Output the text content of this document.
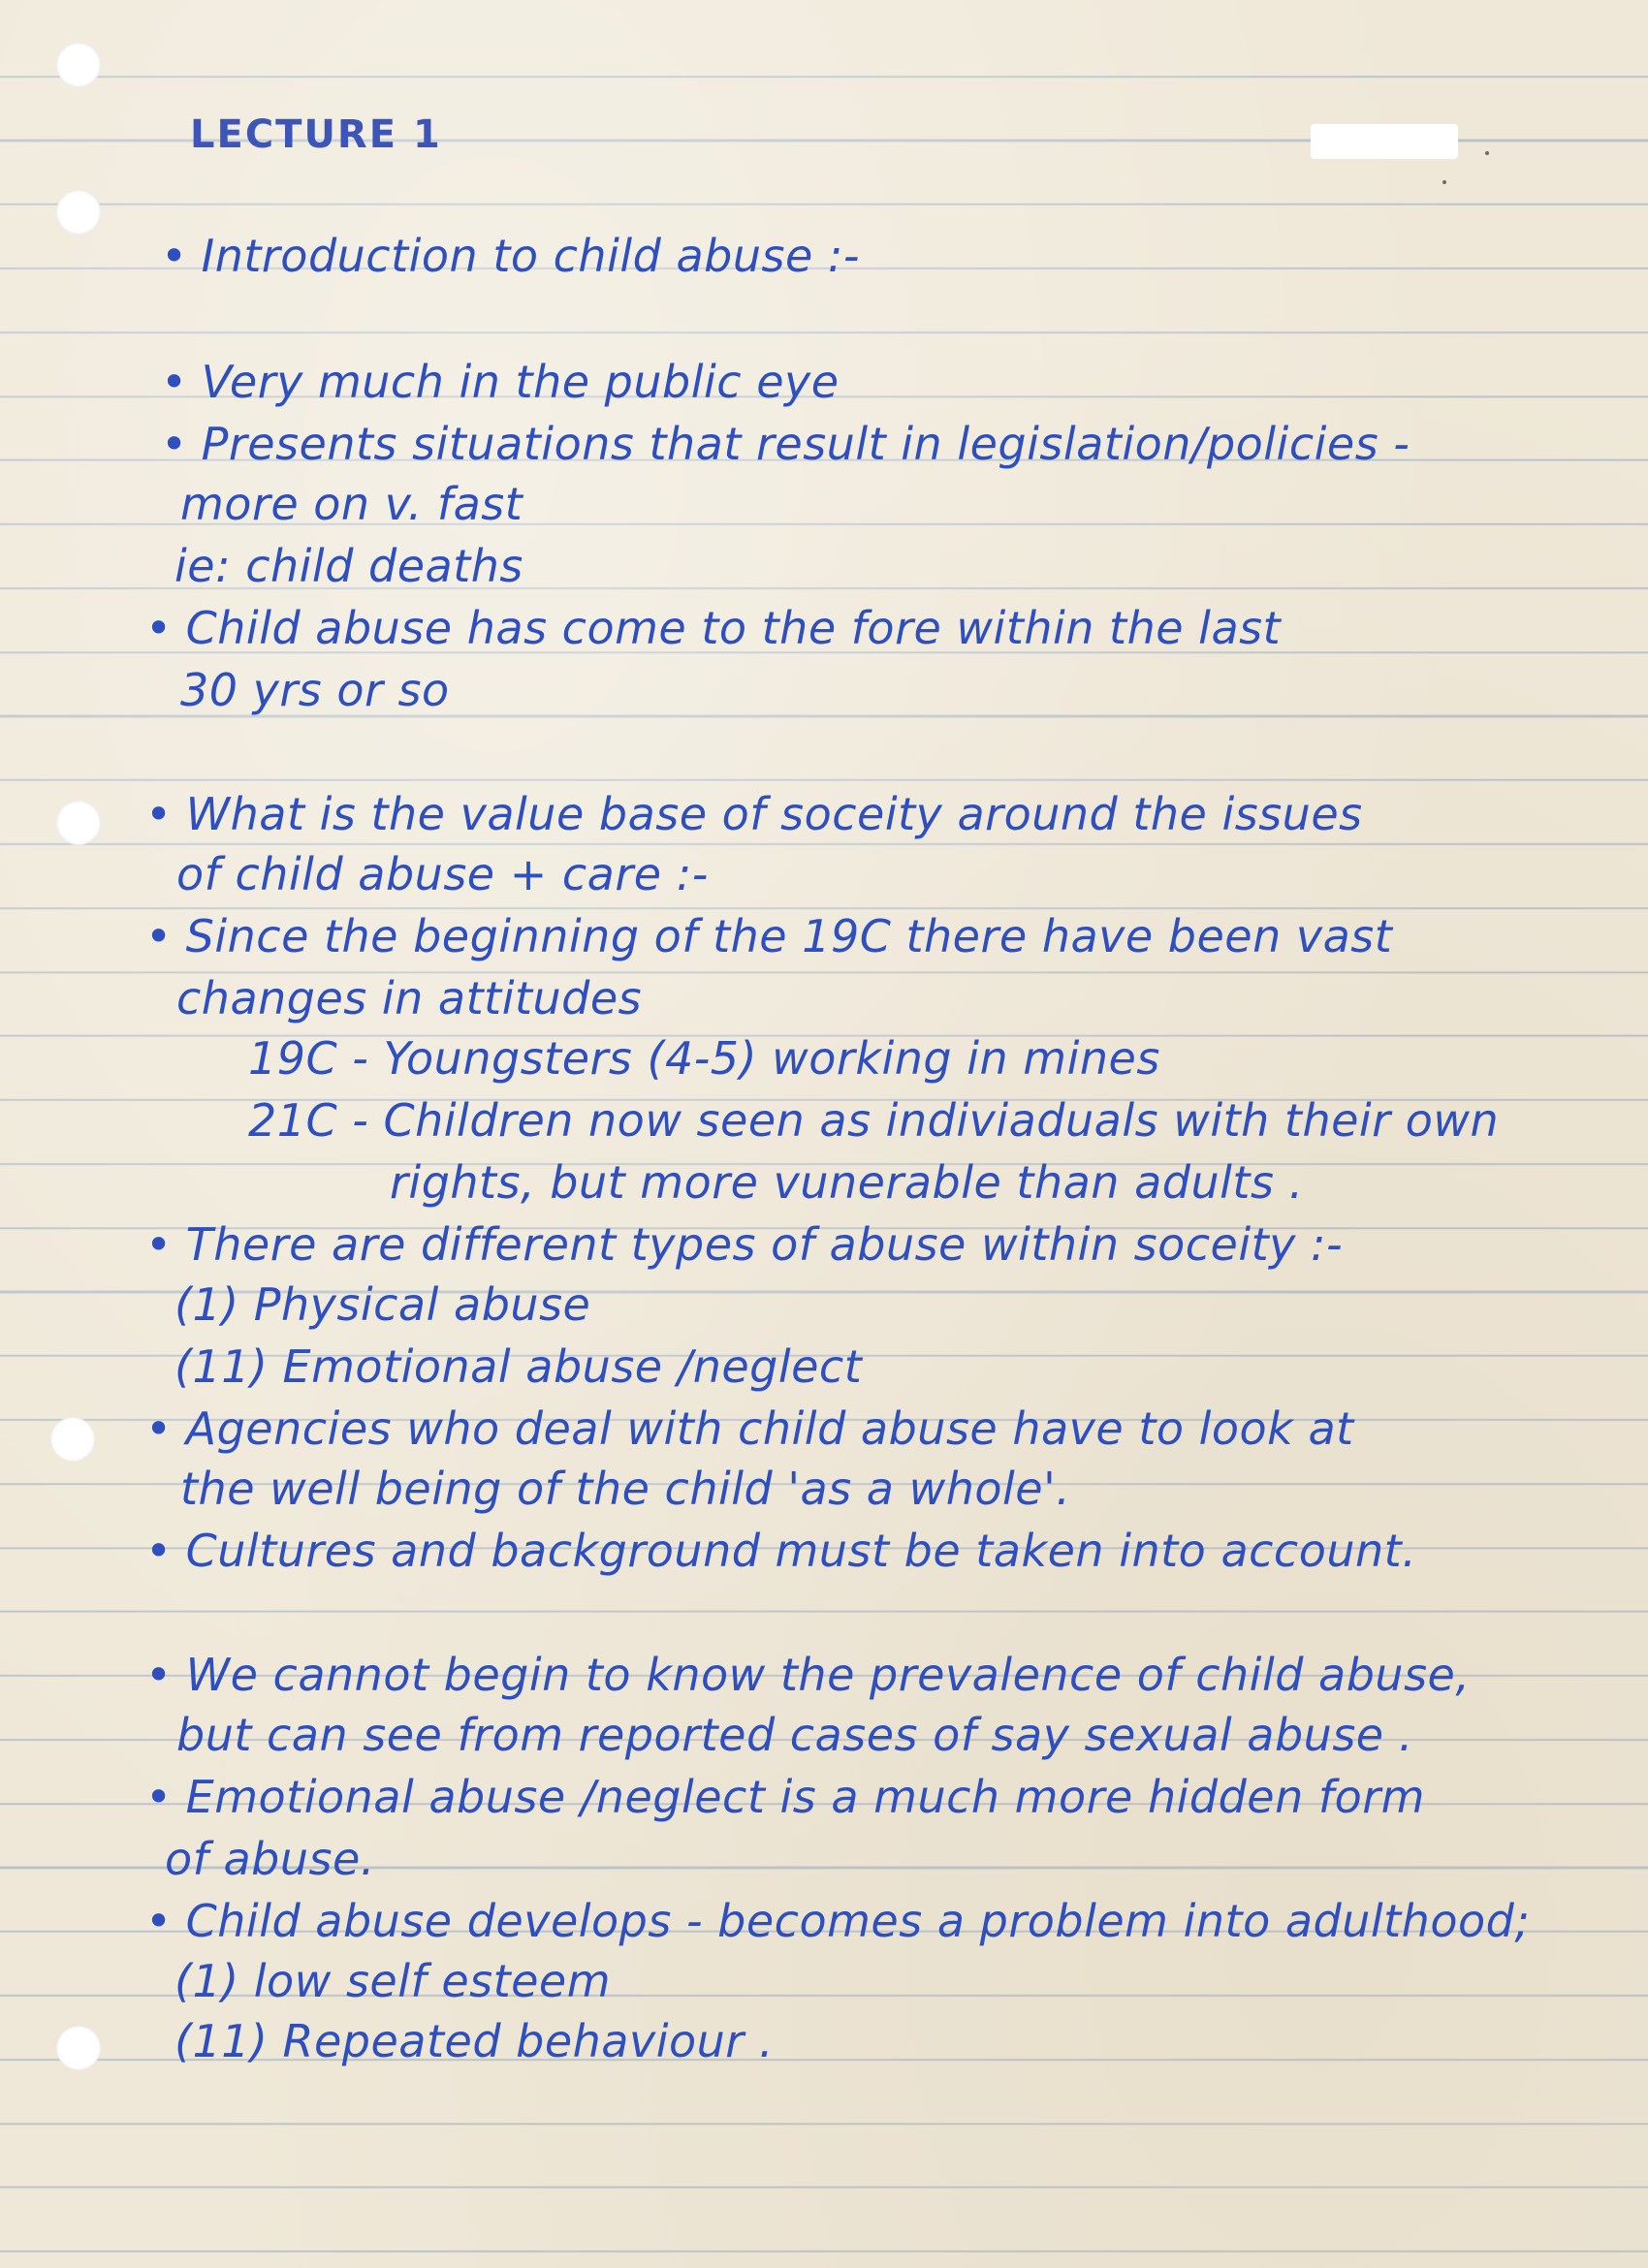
LECTURE 1

• Introduction to child abuse :-

• Very much in the public eye

• Presents situations that result in legislation/policies -

more on v. fast

ie: child deaths

• Child abuse has come to the fore within the last

30 yrs or so

• What is the value base of soceity around the issues

of child abuse + care :-

• Since the beginning of the 19C there have been vast

changes in attitudes

19C - Youngsters (4-5) working in mines

21C - Children now seen as indiviaduals with their own

rights, but more vunerable than adults .

• There are different types of abuse within soceity :-

(1) Physical abuse

(11) Emotional abuse /neglect

• Agencies who deal with child abuse have to look at

the well being of the child 'as a whole'.

• Cultures and background must be taken into account.

• We cannot begin to know the prevalence of child abuse,

but can see from reported cases of say sexual abuse .

• Emotional abuse /neglect is a much more hidden form

of abuse.

• Child abuse develops - becomes a problem into adulthood;

(1) low self esteem

(11) Repeated behaviour .
